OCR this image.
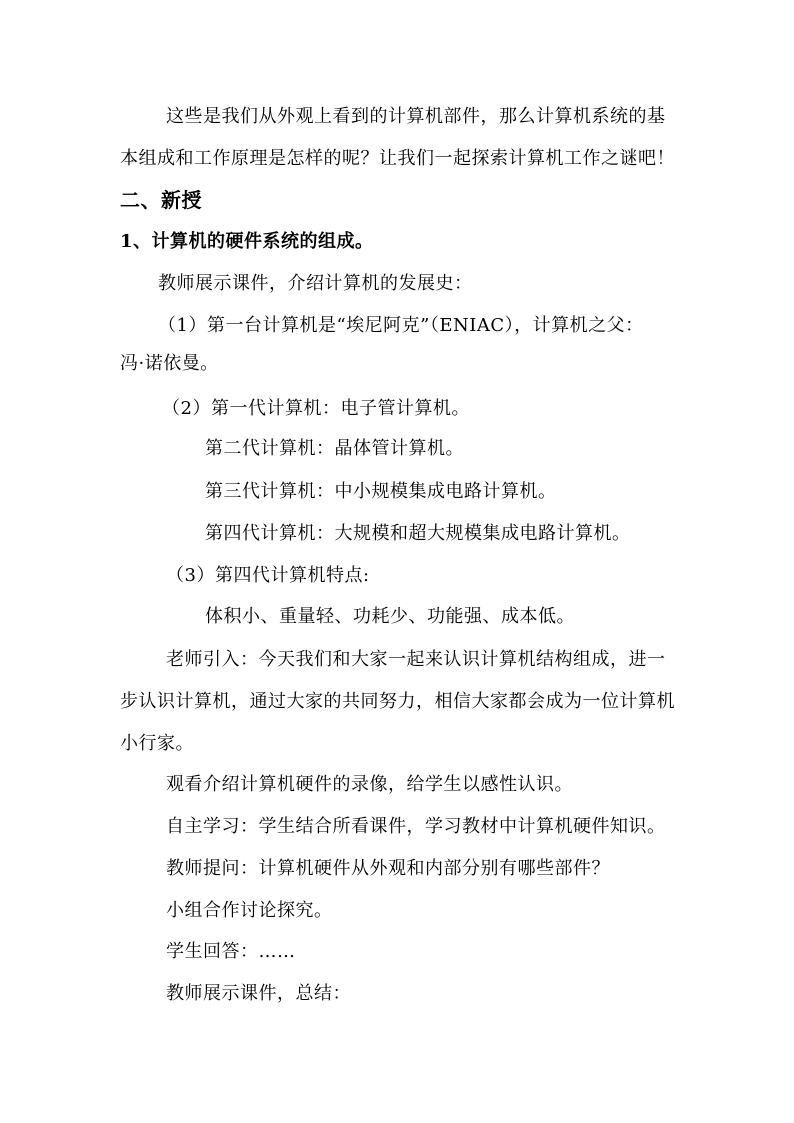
这些是我们从外观上看到的计算机部件，那么计算机系统的基
本组成和工作原理是怎样的呢？让我们一起探索计算机工作之谜吧！
二、新授
1、计算机的硬件系统的组成。
教师展示课件，介绍计算机的发展史：
（1）第一台计算机是“埃尼阿克”（ENIAC），计算机之父：
冯·诺依曼。
（2）第一代计算机：电子管计算机。
第二代计算机：晶体管计算机。
第三代计算机：中小规模集成电路计算机。
第四代计算机：大规模和超大规模集成电路计算机。
（3）第四代计算机特点:
体积小、重量轻、功耗少、功能强、成本低。
老师引入：今天我们和大家一起来认识计算机结构组成，进一
步认识计算机，通过大家的共同努力，相信大家都会成为一位计算机
小行家。
观看介绍计算机硬件的录像，给学生以感性认识。
自主学习：学生结合所看课件，学习教材中计算机硬件知识。
教师提问：计算机硬件从外观和内部分别有哪些部件？
小组合作讨论探究。
学生回答：……
教师展示课件，总结：
